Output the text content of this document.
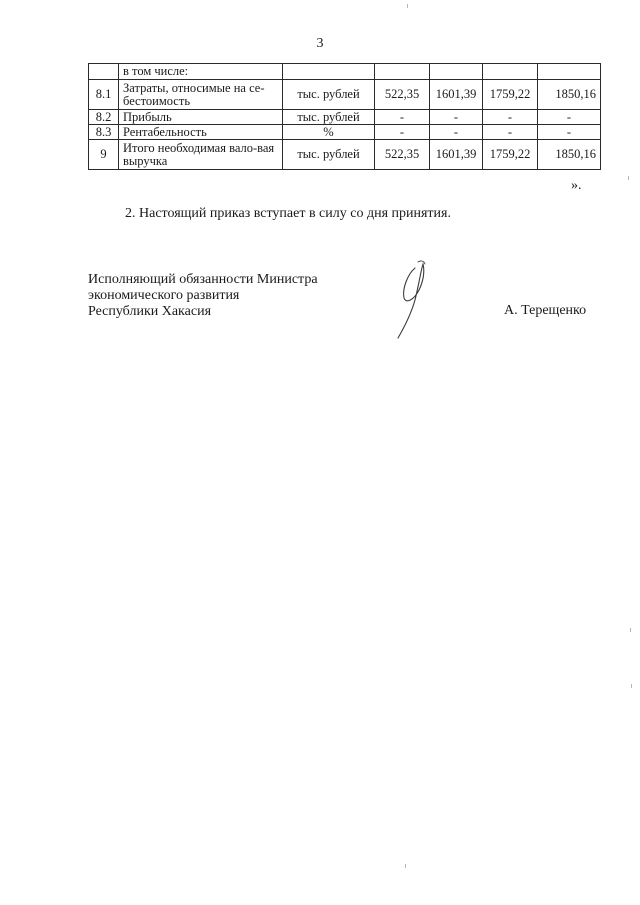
3
	в том числе:					
8.1	Затраты, относимые на се-бестоимость	тыс. рублей	522,35	1601,39	1759,22	1850,16
8.2	Прибыль	тыс. рублей	-	-	-	-
8.3	Рентабельность	%	-	-	-	-
9	Итого необходимая вало-вая выручка	тыс. рублей	522,35	1601,39	1759,22	1850,16
».
2. Настоящий приказ вступает в силу со дня принятия.
Исполняющий обязанности Министра
экономического развития
Республики Хакасия	А. Терещенко
